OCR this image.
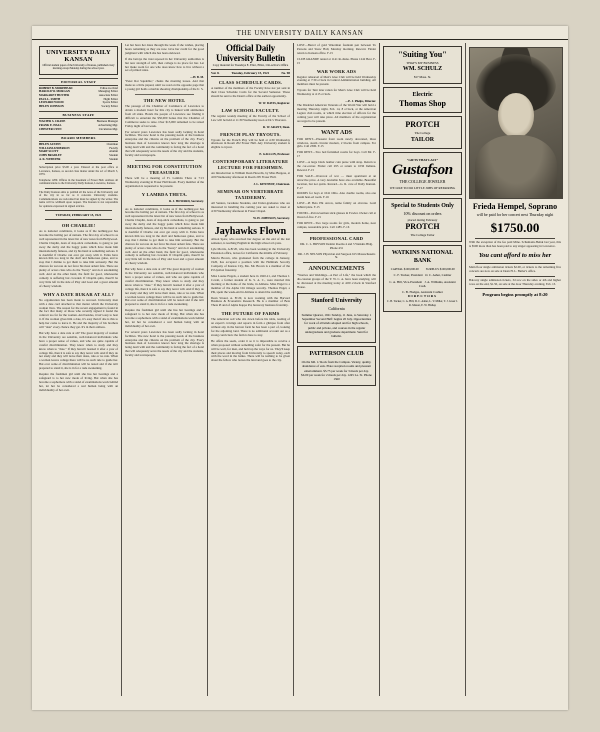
THE UNIVERSITY DAILY KANSAN
UNIVERSITY DAILY KANSAN
Official student paper of the University of Kansas, published every morning except Monday during the school year.
EDITORIAL STAFF
ROBERT B. MOREHEAD	Editor-in-Chief
HAROLD W. MORGAN	Managing Editor
MARGARET HUNTER	Associate Editor
PAUL L. SMITH	Night Editor
LEONARD WOOD	Sports Editor
HELEN JOHNSON	Society Editor
BUSINESS STAFF
WALTER S. CRANE	Business Manager
FRANK E. HALL	Advertising Mgr.
CHESTER LYNN	Circulation Mgr.
BOARD MEMBERS
HELEN AUSTIN	Chairman
WILLIAM ANDERSON	Faculty
MARY SCOTT	Alumni
JOHN BRADLEY	Student
A. K. WEBSTER	Student
Subscription price $3.00 a year. Entered at the post office at Lawrence, Kansas, as second class matter under the act of March 3, 1879.
Telephone 1280. Offices in the basement of Fraser Hall. Address all communications to the University Daily Kansan, Lawrence, Kansas.
The Daily Kansan aims to publish all the news of the University and of the city in so far as it concerns University students. Communications are welcomed but must be signed by the writer. The name will be withheld upon request. The Kansan is not responsible for opinions expressed in signed articles.
TUESDAY, FEBRUARY 15, 1921
OH CHARLIE!
As to national conditions, it looks as if the nothing-pot has become the boiling pot of nations. The first day of school is as well represented in the latest list of new notes from Hollywood. Charlie Chaplin, dean of slap-stick comedians, is going to put away the derby and the baggy pants which have made him internationally famous, and try his hand at something serious. It is doubtful if Charlie can ever get away with it. Folks have known him too long in the droll and humorous guise, and to stop that I dislike to get them to take him seriously. But the chances for success do not favor his most ardent fans. There are plenty of actors class who do the "heavy" and do it astonishing well. And on the other hand, the field for good, wholesome comedy is suffering but crowded. If Chaplin quits, there'll be very little left in the side of Play and Goat and a great amount of cheery wisdom.
WHY A DATE BUKAR AT ALL?
No organization has been made to succeed. University men with a date card attached to that matter which the University woman lives. The reason for the recent engagement is found in the fact that many of those who recently signed it found the contract too far for the women. And besides, it isn't easy to beat it. If the woman gives him a date, it's easy then if she is this to help her come to leave it. He and the majority of his brothers will "date" every chance they get. It's in their address.
But why have a date rule at all? The great majority of women in the University are sensible, well-balanced individuals who have a proper sense of values, and who are quite capable of careful discrimination. They know when to study and they know when to "date." If they haven't learned it after a year of college life, then it is safe to say they never will. And if they do not study and they will leave their dates, rule or no rule. When a woman leaves college there will be no such rule to guide her. But over some of discrimination will be tested and if she isn't prepared to stand it, she is in for a rude awakening.
Require the freshmen girl until she has her bearings and a safeguard is to her new mode of living. But when she has become a sophomore with a stand of examinations work behind her, let her be considered a real human being with an individuality of her own.
Let her have her dates through the week if she wishes, placing hours remaining as they are now. Give her credit for the good judgment with which she has been endowed.
If she betrays the trust reposed in her University authorities is but new strength of will, then college is no place for her. Let her make room for one who does know how to live without a set of printed rules.
—H. B. M.
"Peter Rat Squabble," chants the morning losses. And that made us a little piqued, until we read on the opposite page that a young girl holds a marble shooting championship of the U. S.
THE NEW HOTEL
The passage of the Chamber of Commerce of Lawrence to obtain a modern hotel for this city is linked with antimonies from all sides. Hotels the people of Lawrence see finding it difficult to entertain the $50,000 bonus that the Chamber of Commerce seeks to raise. Over $13,000 remained to be raised Friday night of last week.
For several years Lawrence has been sadly lacking in hotel facilities. The new hotel is the pressing needs of the business enterprise and the citizens on the problem of the city. Every business man of Lawrence knows how long the shortage is being dealt with and the community is facing the fact of a hotel that will adequately serve the needs of the city and the students, faculty and townspeople.
MEETING FOR CONSTITUTION TREASURER
There will be a meeting of Ft. Lambda Theta at 7:15 Wednesday evening in Fraser Hall Room. Every member of the organization is requested to be present.
Y LAMBDA THETA.
R. J. HOWARD, Secretary.
As to national conditions, it looks as if the nothing-pot has become the boiling pot of nations. The first day of school is as well represented in the latest list of new notes from Hollywood. Charlie Chaplin, dean of slap-stick comedians, is going to put away the derby and the baggy pants which have made him internationally famous, and try his hand at something serious. It is doubtful if Charlie can ever get away with it. Folks have known him too long in the droll and humorous guise, and to stop that I dislike to get them to take him seriously. But the chances for success do not favor his most ardent fans. There are plenty of actors class who do the "heavy" and do it astonishing well. And on the other hand, the field for good, wholesome comedy is suffering but crowded. If Chaplin quits, there'll be very little left in the side of Play and Goat and a great amount of cheery wisdom.
But why have a date rule at all? The great majority of women in the University are sensible, well-balanced individuals who have a proper sense of values, and who are quite capable of careful discrimination. They know when to study and they know when to "date." If they haven't learned it after a year of college life, then it is safe to say they never will. And if they do not study and they will leave their dates, rule or no rule. When a woman leaves college there will be no such rule to guide her. But over some of discrimination will be tested and if she isn't prepared to stand it, she is in for a rude awakening.
Require the freshmen girl until she has her bearings and a safeguard is to her new mode of living. But when she has become a sophomore with a stand of examinations work behind her, let her be considered a real human being with an individuality of her own.
For several years Lawrence has been sadly lacking in hotel facilities. The new hotel is the pressing needs of the business enterprise and the citizens on the problem of the city. Every business man of Lawrence knows how long the shortage is being dealt with and the community is facing the fact of a hotel that will adequately serve the needs of the city and the students, faculty and townspeople.
Official Daily University Bulletin
Copy material for Tuesdays E. Eliot, Elliot, Chi-active's Office
Vol. 8.	Tuesday, February 15, 1921	No. 98
CLASS SCHEDULE CARDS.
A number of the members of the Faculty have not yet sent in their Class Schedule Cards for the Second Semester. These should be sent to the Dean's office at the earliest opportunity.
W. W. DAVIS, Registrar.
LAW SCHOOL FACULTY.
The regular weekly meeting of the Faculty of the School of Law will be held at 11:30 Wednesday noon at Dr.'s Thorston.
R. W. ARANT, Dean.
FRENCH PLAY TRYOUTS.
Tryouts for the French Play will be held at 4:30 Wednesday afternoon in Room 202 Fraser Hall. Any University student is eligible to tryout.
E. GALLON, Professor.
CONTEMPORARY LITERATURE LECTURE FOR FRESHMEN.
An Introduction to William Dean Howells, by Miss Burgess, at 4:00 Wednesday afternoon in Room 205 Fraser Hall.
J. L. KENNEDY, Chairman.
SEMINAR ON VERTEBRATE TAXIDERMY.
All Seniors, Graduate Students, and Under-graduates who are interested in handling the coming year are asked to meet at 4:30 Wednesday afternoon in Fraser Chapel.
W. H. JOHNSON, Secretary.
Jayhawks Flown
Alison Spaw, who received her degree on the end of the last semester, is teaching English in the high school at Lyons.
Lyle Morris, A.B.'20, who has been working in the University Extension office, leaves for California the middle of February.
Marcia Brown, who graduated from the college in January, 1920, has accepted a position with the Hallmark Sorority Company of Kansas City, Mo. Mr. Brown is a member of the Pi Upsilon fraternity.
Miss Louise Engels, a student here in 1920-21, and Thomas J. Covalt, a former student of K. S. A. C., were married this morning at the home of the bride, in Abilene. Miss Engel is a member of the Alpha Chi Omega sorority. Thomas Engel, a Phi, spent the week-end in Abilene to attend the wedding.
Dean Stroud, A. B.'20, is now working with the Harvard Business & Economics Research. He is a member of Beta Theta Pi and of Alpha Kappa Psi, honorary business fraternity.
THE FUTURE OF FARMS
The American soil who sits down before his table, reading of an expert's cravings and reports in form a glimpse from after without any in the harvest farm he has been a part of, looking for the adjoining land. There is no additional account out as a strong conviction: the farm is here to stay.
He offers the seeds, order it so it is impossible to receive a when proposed without something safer for the present. But he will be well, for men, and hold up the ways for us. They'll keep their places and moving from University to speech today, each with the word in the banks. There will be nothing to be given about the fellow who leaves the land and goes to the city.
LOST—Barrel of gold Waterman fountain pen between Yo Parsons and Snow Hall, Monday morning. Reward. Finder return to Kansan office. F-15
CLUB GRANDE rented at 1141 In-diana. Phone 1242 Best. F-15
WAR WORK ADS
Regular rehearsal of Men's Glee Club will be held Wednesday evening at 7:30 o'clock in Central Administration building. All members must be present.
Tryouts for Tent later ration for Men's Glee Club will be held Wednesday at 4:15 o'clock.
—E. J. Phelps, Director.
The Disabled American Veterans of the World War will hold a meeting Thursday night, Feb. 14, 8 o'clock, at the American Legion club rooms, at which time election of officers for the coming year will take place. All members of the organization are urged to be present.
WANT ADS
FOR RENT—Pleasant front room newly decorated, three windows, steam circular modern, 2 blocks from campus. For girls. Call 2300. F-15
FOR RENT—Two bed furnished rooms for boys. Call Mr. F-17
LOST—A large black leather coin purse with strap. Return to the cor-owner. Finder call 295 or return to 1036 Indiana. Reward. F-15
FOR SALE—Overcoat of war — must apartment at an attractive price. A very desirable have also available. Beautiful location, but not quick. Reward—G. R. care of Daily Kansan. F-17
ROOMS for boys at 1041 Ohio. Also double rooms, also one steam heat-ed room. F-16
LOST—Pi Beta Phi Arrow, name family on obverse. Gold behind plate. F-15
FOUND—Pair nevermen stick glasses in Fowler. Owner call at Oread of-fice. F-15
FOR RENT—Two large rooms for girls, modern home, near campus, reasonable price. Call 1485. F-16
PROFESSIONAL CARD
DR. C. L. BRYSON Dentist Rooms 4 and 5 Watkins Bldg. Phone 431
DR. J. H. NELSON Physician and Surgeon 615 Massachusetts St.
ANNOUNCEMENTS
"Worries and Weddings—A Part of Life," the book which the dis-cussion groups of the Y. W. C. A. have been studying, will be discussed at the meeting today at 4:00 o'clock in Stanford House.
Stanford University
California
Summer Quarter, 1921 Sunday, 11 June, to Saturday. 1 September Second Half: begins 20 July. Opportunities for work of all kinds adapted and for high schools, public and private, and courses in the regular undergraduate and graduate department. Send for bulletin.
PATTERSON CLUB
On the hill. 1⁄ block from the Campus. Variety, quality, abundance of eats. Plate reception rooms and pleasant entertainment. $5.75 per week for 3 meals per day. $6.00 per week for 2 meals per day. 1245 La. St. Phone 1360
"Suiting You"
THAT'S MY BUSINESS
WM. SCHULZ
817 Mass. St.
Electric
Thomas Shop
PROTCH
The College
TAILOR
"GIFTS THAT LAST"
Gustafson
THE COLLEGE JEWELER
WE LIKE TO DO LITTLE JOBS OF REPAIRING
Special to Students Only
10% discount on orders
placed during February
PROTCH
The College Tailor
WATKINS NATIONAL BANK
CAPITAL $100,000.00	SURPLUS $100,000.00
C. F. Tucker, President O. C. Asher, Cashier
C. A. Hill, Vice-President J. A. Williams, Assistant Cash.
C. B. Hodges, Assistant Cashier
DIRECTORS
C. B. Tucker, C. A. Hill, D. C. Asher, L. V. Miller, T. J. Greer J. R. Mason, E. W. Bishop
Frieda Hempel, Soprano
will be paid for her concert next Thursday night
$1750.00
With the exception of the fee paid Mme. Schumann-Heink last year, this is $500 more than has been paid to any singer appearing in Lawrence.
You cant afford to miss her
Main floor single admission tickets $2.00, or tickets to the remaining five concerts are now on sale at Dean H. L. Butler's office.
Balcony single admission tickets, 3d row on the sides or 4th and higher rows on the end, $1.50, on sale at the door Thursday evening, Feb. 13.
Program begins promptly at 8:20
